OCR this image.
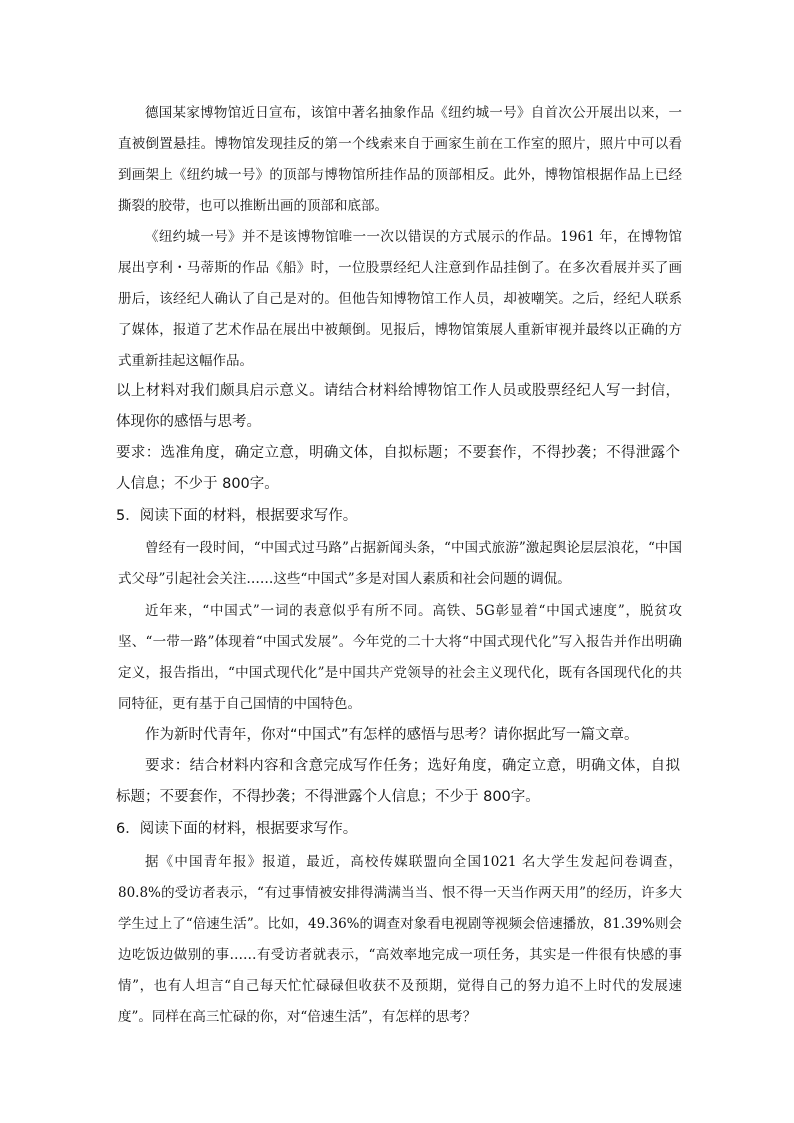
德国某家博物馆近日宣布，该馆中著名抽象作品《纽约城一号》自首次公开展出以来，一直被倒置悬挂。博物馆发现挂反的第一个线索来自于画家生前在工作室的照片，照片中可以看到画架上《纽约城一号》的顶部与博物馆所挂作品的顶部相反。此外，博物馆根据作品上已经撕裂的胶带，也可以推断出画的顶部和底部。

《纽约城一号》并不是该博物馆唯一一次以错误的方式展示的作品。1961 年，在博物馆展出亨利・马蒂斯的作品《船》时，一位股票经纪人注意到作品挂倒了。在多次看展并买了画册后，该经纪人确认了自己是对的。但他告知博物馆工作人员，却被嘲笑。之后，经纪人联系了媒体，报道了艺术作品在展出中被颠倒。见报后，博物馆策展人重新审视并最终以正确的方式重新挂起这幅作品。

以上材料对我们颇具启示意义。请结合材料给博物馆工作人员或股票经纪人写一封信，体现你的感悟与思考。

要求：选准角度，确定立意，明确文体，自拟标题；不要套作，不得抄袭；不得泄露个人信息；不少于 800字。

5．阅读下面的材料，根据要求写作。

曾经有一段时间，“中国式过马路”占据新闻头条，“中国式旅游”激起舆论层层浪花，“中国式父母”引起社会关注……这些“中国式”多是对国人素质和社会问题的调侃。

近年来，“中国式”一词的表意似乎有所不同。高铁、5G彰显着“中国式速度”，脱贫攻坚、“一带一路”体现着“中国式发展”。今年党的二十大将“中国式现代化”写入报告并作出明确定义，报告指出，“中国式现代化”是中国共产党领导的社会主义现代化，既有各国现代化的共同特征，更有基于自己国情的中国特色。

作为新时代青年，你对“中国式”有怎样的感悟与思考？请你据此写一篇文章。

要求：结合材料内容和含意完成写作任务；选好角度，确定立意，明确文体，自拟标题；不要套作，不得抄袭；不得泄露个人信息；不少于 800字。

6．阅读下面的材料，根据要求写作。

据《中国青年报》报道，最近，高校传媒联盟向全国1021 名大学生发起问卷调查，80.8%的受访者表示，“有过事情被安排得满满当当、恨不得一天当作两天用”的经历，许多大学生过上了“倍速生活”。比如，49.36%的调查对象看电视剧等视频会倍速播放，81.39%则会边吃饭边做别的事……有受访者就表示，“高效率地完成一项任务，其实是一件很有快感的事情”，也有人坦言“自己每天忙忙碌碌但收获不及预期，觉得自己的努力追不上时代的发展速度”。同样在高三忙碌的你，对“倍速生活”，有怎样的思考？
